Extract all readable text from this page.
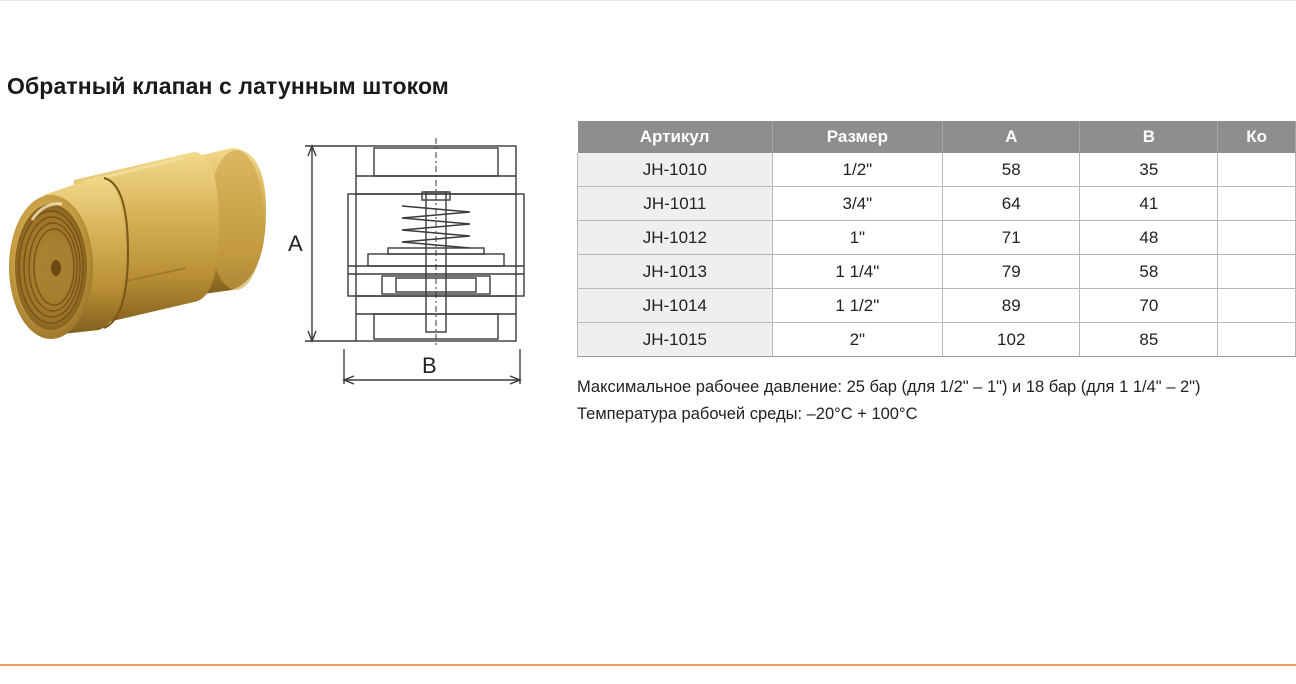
Обратный клапан с латунным штоком
A
B
Артикул	Размер	A	B	Ко
JH-1010	1/2"	58	35	
JH-1011	3/4"	64	41	
JH-1012	1"	71	48	
JH-1013	1 1/4"	79	58	
JH-1014	1 1/2"	89	70	
JH-1015	2"	102	85	
Максимальное рабочее давление: 25 бар (для 1/2" – 1") и 18 бар (для 1 1/4" – 2")
Температура рабочей среды: –20°C + 100°C
